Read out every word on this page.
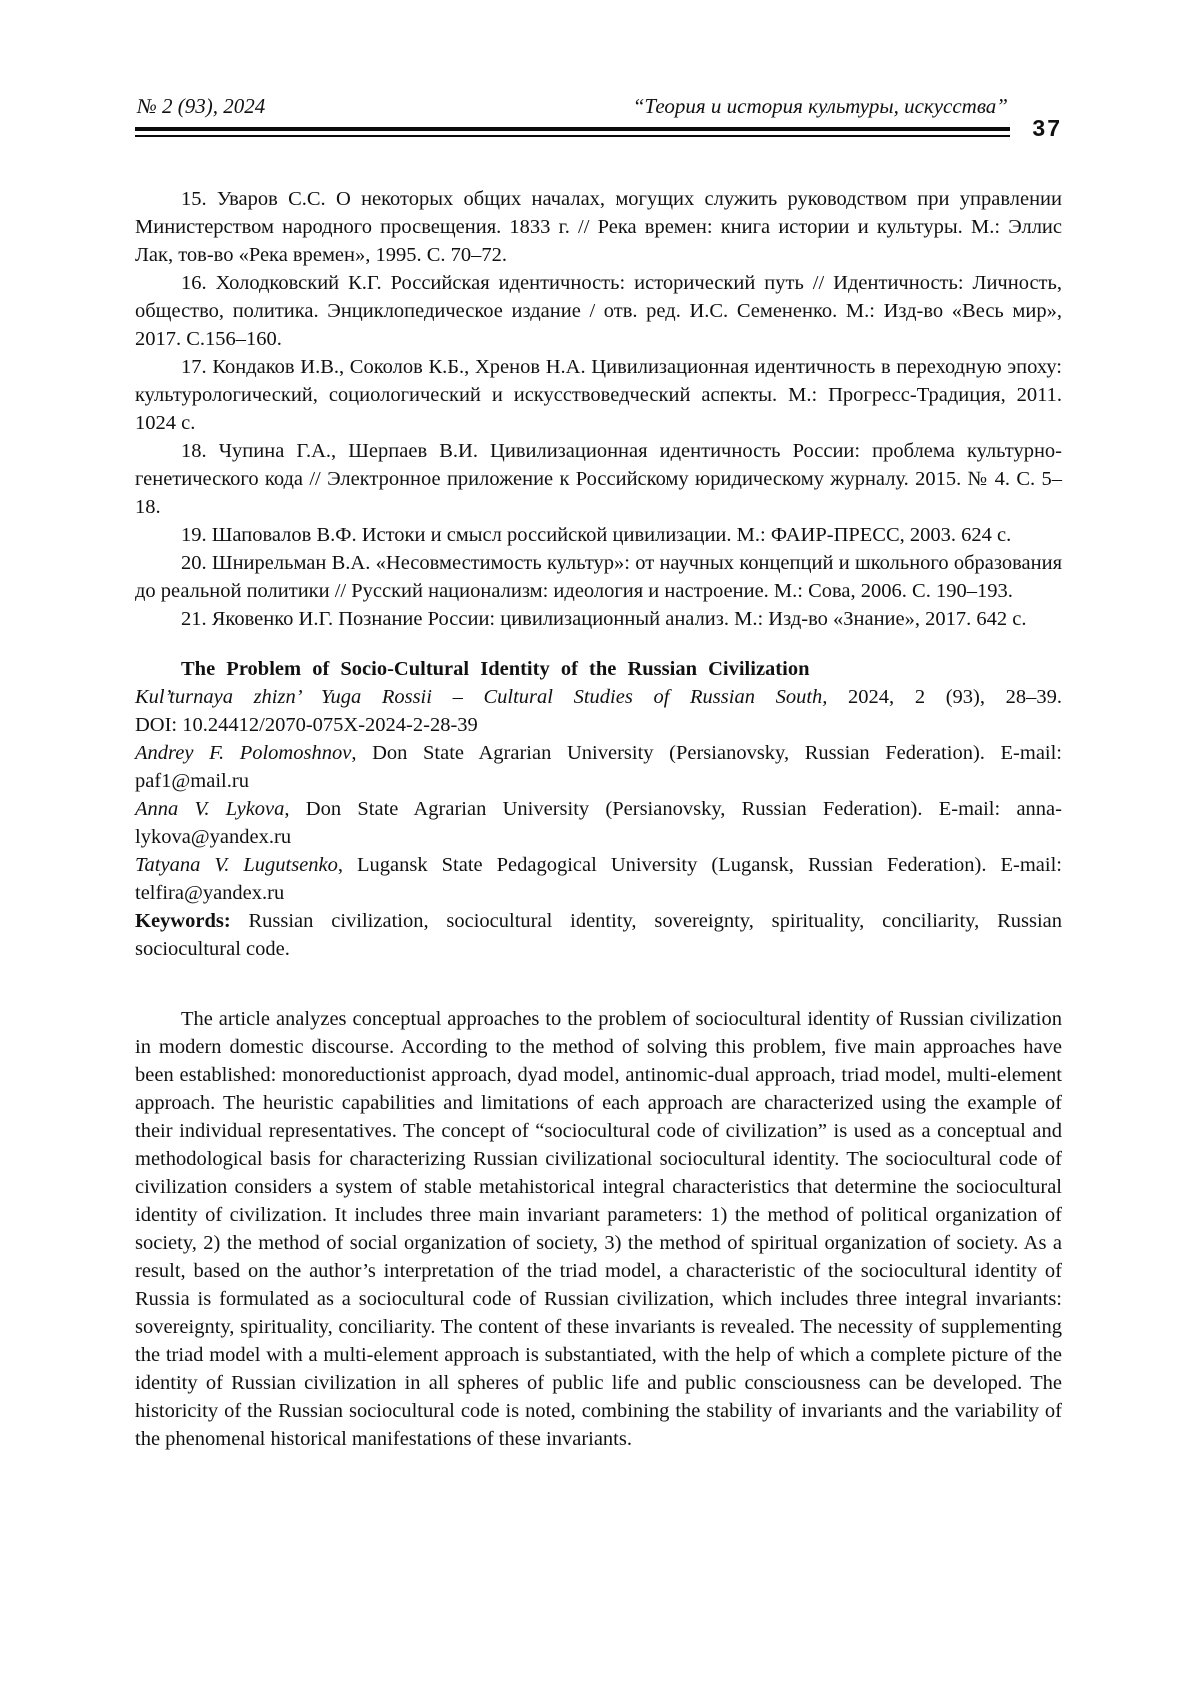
№ 2 (93), 2024	“Теория и история культуры, искусства”
37

15. Уваров С.С. О некоторых общих началах, могущих служить руководством при управлении Министерством народного просвещения. 1833 г. // Река времен: книга истории и культуры. М.: Эллис Лак, тов-во «Река времен», 1995. С. 70–72.

16. Холодковский К.Г. Российская идентичность: исторический путь // Идентичность: Личность, общество, политика. Энциклопедическое издание / отв. ред. И.С. Семененко. М.: Изд-во «Весь мир», 2017. С.156–160.

17. Кондаков И.В., Соколов К.Б., Хренов Н.А. Цивилизационная идентичность в переходную эпоху: культурологический, социологический и искусствоведческий аспекты. М.: Прогресс-Традиция, 2011. 1024 с.

18. Чупина Г.А., Шерпаев В.И. Цивилизационная идентичность России: проблема культурно-генетического кода // Электронное приложение к Российскому юридическому журналу. 2015. № 4. С. 5–18.

19. Шаповалов В.Ф. Истоки и смысл российской цивилизации. М.: ФАИР-ПРЕСС, 2003. 624 с.

20. Шнирельман В.А. «Несовместимость культур»: от научных концепций и школьного образования до реальной политики // Русский национализм: идеология и настроение. М.: Сова, 2006. С. 190–193.

21. Яковенко И.Г. Познание России: цивилизационный анализ. М.: Изд-во «Знание», 2017. 642 с.

The Problem of Socio-Cultural Identity of the Russian Civilization

Kul’turnaya zhizn’ Yuga Rossii – Cultural Studies of Russian South, 2024, 2 (93), 28–39.

DOI: 10.24412/2070-075X-2024-2-28-39

Andrey F. Polomoshnov, Don State Agrarian University (Persianovsky, Russian Federation). E-mail: paf1@mail.ru

Anna V. Lykova, Don State Agrarian University (Persianovsky, Russian Federation). E-mail: anna-lykova@yandex.ru

Tatyana V. Lugutsenko, Lugansk State Pedagogical University (Lugansk, Russian Federation). E-mail: telfira@yandex.ru

Keywords: Russian civilization, sociocultural identity, sovereignty, spirituality, conciliarity, Russian sociocultural code.

The article analyzes conceptual approaches to the problem of sociocultural identity of Russian civilization in modern domestic discourse. According to the method of solving this problem, five main approaches have been established: monoreductionist approach, dyad model, antinomic-dual approach, triad model, multi-element approach. The heuristic capabilities and limitations of each approach are characterized using the example of their individual representatives. The concept of “sociocultural code of civilization” is used as a conceptual and methodological basis for characterizing Russian civilizational sociocultural identity. The sociocultural code of civilization considers a system of stable metahistorical integral characteristics that determine the sociocultural identity of civilization. It includes three main invariant parameters: 1) the method of political organization of society, 2) the method of social organization of society, 3) the method of spiritual organization of society. As a result, based on the author’s interpretation of the triad model, a characteristic of the sociocultural identity of Russia is formulated as a sociocultural code of Russian civilization, which includes three integral invariants: sovereignty, spirituality, conciliarity. The content of these invariants is revealed. The necessity of supplementing the triad model with a multi-element approach is substantiated, with the help of which a complete picture of the identity of Russian civilization in all spheres of public life and public consciousness can be developed. The historicity of the Russian sociocultural code is noted, combining the stability of invariants and the variability of the phenomenal historical manifestations of these invariants.
